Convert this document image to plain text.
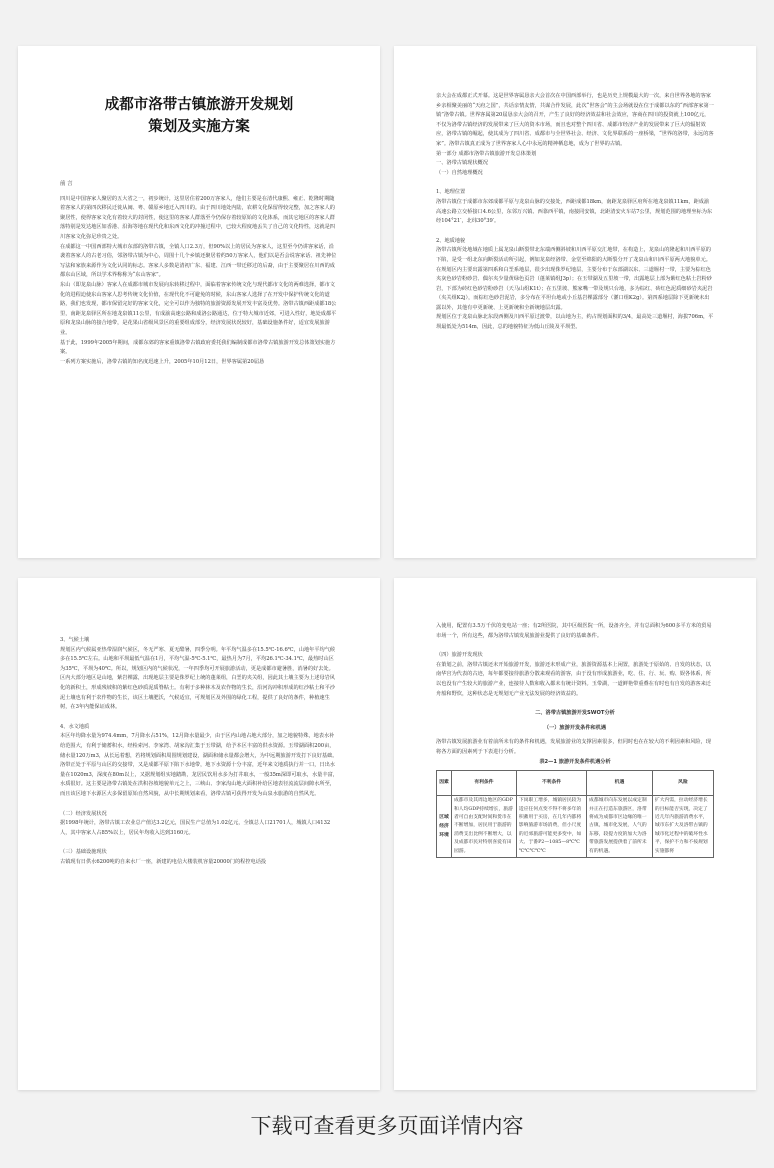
成都市洛带古镇旅游开发规划
策划及实施方案

前 言

四川是中国客家人聚居的五大省之一，初步统计，这里居住着200万客家人，他们主要是在清代康熙、雍正、乾隆时期随着客家人的第四次移民迁徙从闽、粤、赣原乡地迁入四川的。由于四川地处内陆，农耕文化保留得较完整，加之客家人的聚居性，使得客家文化有着较大的封闭性，使这里的客家人群落至今仍保存着较原始的文化体系，而其它地区的客家人群落特别是发达地区如香港、沿海等地在现代化和东西文化的冲撞过程中，已较大程度地丢失了自己的文化特性，这就是四川客家文化弥足珍贵之处。

在成都这一中国西部特大城市东部的洛带古镇，全镇人口2.3万，但90%以上的居民为客家人，这里至今仍讲客家话，沿袭着客家人的古老习俗，邻洛带古镇为中心，周围十几个乡镇还聚居着约50万客家人，他们以是否会说客家话、祖先神位写法和家族来源作为文化认同的标志。客家人多数是清初广东、福建、江西一带迁移过的后裔，由于主要聚居在川西的成都东山区域，所以学术界称称为“东山客家”。

东山（即龙泉山脉）客家人在成都市城市发展向东转移过程中，面临着客家传统文化与现代都市文化的两难选择，都市文化的进程迫使东山客家人思考传统文化价值，在现代化不可避免的时候，东山客家人选择了在开发中保护传统文化的道路，我们也发现，都市保留完好的客家文化，完全可以作为独特的旅游资源发展开发丰富及优势。洛带古镇西距成都18公里，南距龙泉驿区所在地龙泉镇11公里，有成渝高速公路和成洛公路通达，位于特大城市近郊，可进入性好，地处成都平原和龙泉山脉的接合地带，是花果山省级风景区的重要组成部分，经济发展状况较好，基础设施条件好，适宜发展旅游业。

基于此，1999年2005年期间，成都东郊的客家重镇洛带古镇政府委托我们编制成都市洛带古镇旅游开发总体策划实施方案。

一系列方案实施后，洛带古镇的知名度迅速上升，2005年10月12日，世界客属第20届恳

亲大会在成都正式开幕。这是世界客属恳亲大会首次在中国西部举行，也是历史上规模最大的一次，来自世界各地的客家乡亲相聚美丽的“天府之国”，共话亲情友情，共谋合作发展，此次“世客会”的主会场就设在位于成都以东的“西部客家第一镇”洛带古镇。世界客属第20届恳亲大会的召开，产生了良好的经济效益和社会效应，客商在四川的投资就上100亿元，不仅为洛带古镇经济的发展带来了巨大的资本市场，而且也对整个四川省、成都市经济产业的发展带来了巨大的辐射效应，洛带古镇的崛起，使其成为了四川省、成都市与全世界社会、经济、文化界联系的一座桥梁，“世界的洛带，永远的客家”。洛带古镇真正成为了世界客家人心中永远的精神栖息地，成为了世界的古镇。

第一部分 成都市洛带古镇旅游开发总体策划

一、洛带古镇现状概况

（一）自然地理概况

1、地理位置

洛带古镇位于成都市东郊成都平原与龙泉山脉的交接处，西距成都18km，南距龙泉驿区府所在地龙泉镇11km，距成渝高速公路立交桥接口4.6公里，东邻万兴镇、西靠西平镇，南接同安镇，北距清安火车站7公里，规划范围的地理坐标为东经104°21′，北纬30°39′。

2、地质地貌

洛带古镇所处地域在地质上属龙泉山断裂带北东端西侧斜坡和川西平原交汇地带，在构造上，龙泉山的隆起和川西平原的下陷，是受一组北东向断裂活动所引起，例如龙泉经洛带、金堂至绵阳的大断裂分开了龙泉山和川西平原两大地貌单元。

在规划区内主要出露第四系和白垩系地层，很少出现侏罗纪地层，主要分布于东部湖以东、三道堰村一带，主要为棕红色夹灰色砂岩粉砂岩、偶尔夹少量黄绿色页岩（蓬莱镇组J3p）；在玉带湖及五里坡一带，出露地层上部为紫红色粘土岩粉砂岩，下部为砖红色砂岩粉砂岩（天马山组K1t）；在五里坡、熊家嘴一带及规只台地，多为棕红、砖红色泥质细砂岩夹泥岩（夹关组K2j），而棕红色砂岩泥岩，多分布在平坦台地或小丘基岩裸露部分（灌口组K2g）。第四系地层除下更新统未出露以外，其他有中更新统、上更新统和全新统地层出露。

规划区位于龙泉山脉北东段西侧及川西平原过渡带，以山地为主，约占规划面积的3/4，最高处三道堰村，海拔706m，平坝最低处为514m，因此，总的地貌特征为低山丘陵及平坝型。

3、气候土壤

规划区内气候属亚热带湿润气候区，冬无严寒、夏无酷暑，四季分明。年平均气温多在15.5℃-16.6℃，山地年平均气候多在15.5℃左右。山地和平坝最低气温在1月，平均气温-5℃-5.1℃，最热月为7月，平均26.1℃-34.1℃，最热时山区为35℃，平坝为40℃。所以，规划区内的气候状况，一年四季均可开展旅游活动，更是成都市避暑胜，消暑的好去处。

区内大部分地区是山地，紫岩裸露，出现地层主要是侏罗纪上统的蓬莱组，白垩的夹关组，因此其土壤主要为上述母岩风化的新积土，形成残坡积的紫红色砂质泥质脊粘土。有利于多种林木及农作物的生长，沿河沟冲积形成的红沙粘土和平沙泥土壤也有利于农作物的生长，该区土壤肥沃，气候适宜，可规划区及外围的绿化工程，提供了良好的条件，种植速生树，在3年内能保证成林。

4、水文地质

本区年均降水量为974.4mm，7月降水占51%，12月降水量最少，由于区内山地占地大部分，加之地貌特殊，地表水补给范围大，有利于储蓄积水，经检索河、李家湾、胡家沟汇集于玉带湖，给予本区丰富的供水资源。玉带湖面积200亩，储水量120万m3，从长远着想，若将规划面积周围规划建设，湖面和储水量都会增大，为中远期旅游开发打下良好基础。

洛带正处于平原与山区的交接带，又是成都平原下陷下水地带，地下水资源十分丰富，近年来文地质执行并一口，日出水量在1020m3，深度在80m以上，又据规划组实地踏勘，龙居民饮用水多为打井取水，一般35m深即可取水，水量丰富，水质很好。这主要是洛带古镇处在洪积谷坡地貌单元之上，三峡山、李家沟山地大面积补给区地表径流流层间隙水所至，而且该区地下水源区大多保留原始自然风貌，从中长期规划来看，洛带古镇可获得开发为山泉水旅游的自然风光。

（二）经济发展状况

据1998年统计，洛带古镇工农业总产值达3.2亿元，国民生产总值为1.02亿元，全镇总人口21701人，城镇人口4132人，其中客家人占85%以上，居民年均收入达到3160元。

（三）基础设施现状

古镇现有日供水6200吨的自来水厂一座，新建的电信大楼装机容量20000门的程控电话投

入使用，配置有3.5万千伏的变电站一座；有2所医院，其中区级医院一所，设备齐全，并有总面积为600多平方米的贸易市场一个，所有这些，都为洛带古镇发展旅游业提供了良好的基础条件。

（四）旅游开发现状

在策划之前，洛带古镇还未开始旅游开发，旅游还未形成产业，旅游资源基本上闲置，旅游处于原始的、自发的状态，以南华宫为代表的古迹，每年都要接待旅游分散来观看的游客，由于没有形成旅游业，吃、住、行、玩、购、娱各体系，所以也没有产生较大的旅游产业，连接待人数和收入都未有统计资料。玉带湖，一道鲜艳带重叠在有时也有自发的游客来迁舟船和野炊，这种状态是无规划无产业无法发展的经济效益的。

二、洛带古镇旅游开发SWOT分析

（一）旅游开发条件和机遇

洛带古镇发展旅游业有着前所未有的条件和机遇，发展旅游业的支撑因素很多，但同时也在在较大的不利因素和风险，现将各方面的因素列于下表进行分析。

表2—1 旅游开发条件机遇分析

因素	有利条件	不利条件	机遇	风险
区域经济环境	成都市及其周边地区的GDP和人均GDP持续增长，旅游者可自由支配时间和货币在不断增加，居民用于旅游的消费支出比例不断增大，以及成都市民对特别喜爱有田园游。	下岗职工增多，城镇居民较为适应任何点变不得不将多年的积蓄用于买房，在几年内都将影响旅游市场消费，但小尺度的近郊旅游可能更多变中，如大、于番P2—1085—8℃℃℃℃℃℃℃	成都城市向东发展以成定制并正在打造东旅游区，洛带将成为成都市区边缘的唯一古镇，城市化发展，人气的东移，较提力度的加大为洛带旅游发展提供着了前所未有的机遇。	扩大内需，拉动经济增长的目标能否实现，决定了近几年内旅游消费水平，城市东扩大及洛带古镇的城市化过程中的破坏性水平，保护不力和不按规划实施都将
下载可查看更多页面详情内容
